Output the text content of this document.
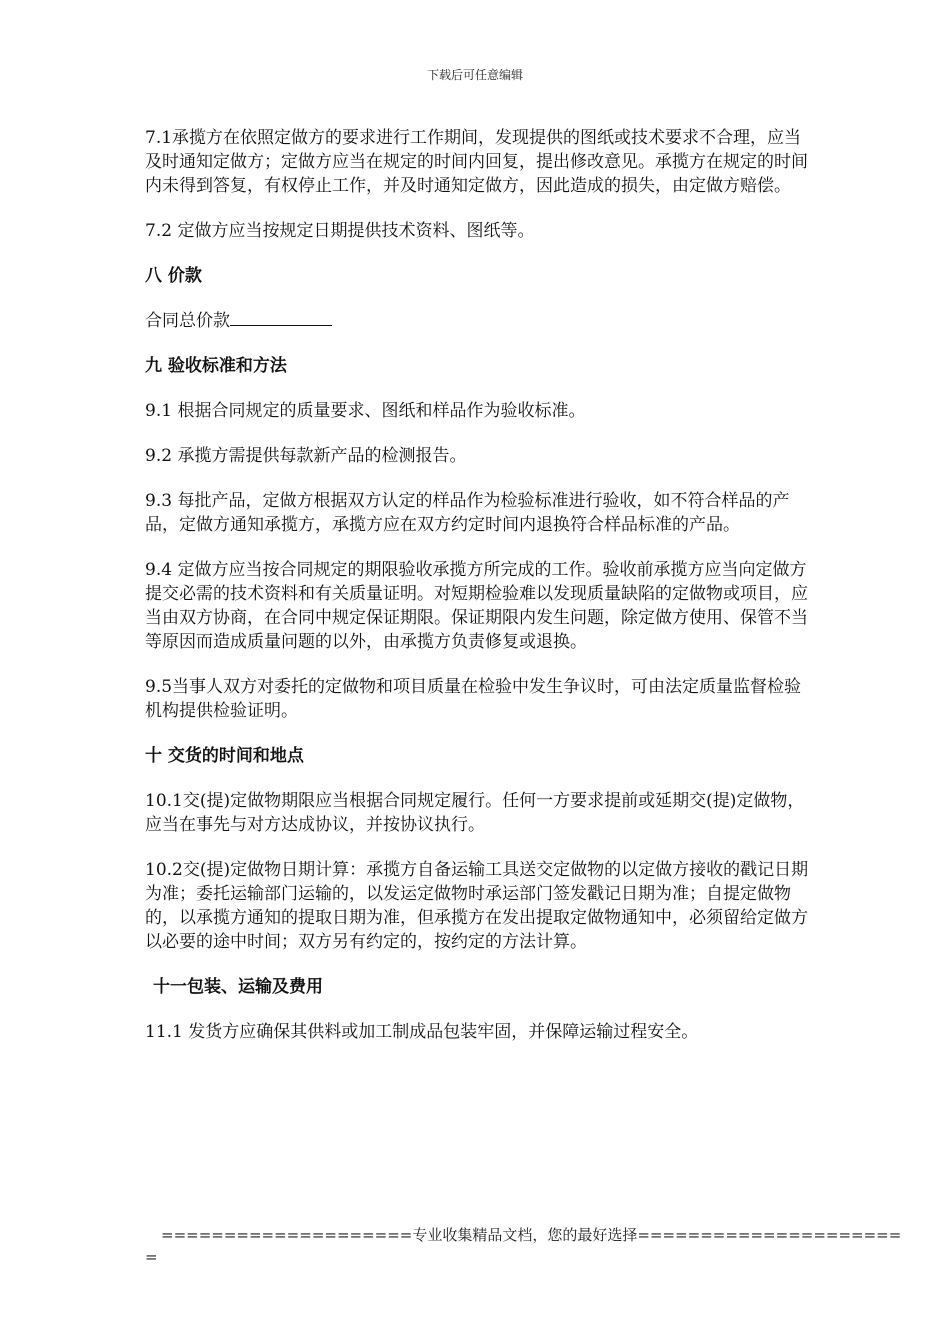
下载后可任意编辑

7.1承揽方在依照定做方的要求进行工作期间，发现提供的图纸或技术要求不合理，应当及时通知定做方；定做方应当在规定的时间内回复，提出修改意见。承揽方在规定的时间内未得到答复，有权停止工作，并及时通知定做方，因此造成的损失，由定做方赔偿。

7.2 定做方应当按规定日期提供技术资料、图纸等。

八 价款

合同总价款

九 验收标准和方法

9.1 根据合同规定的质量要求、图纸和样品作为验收标准。

9.2 承揽方需提供每款新产品的检测报告。

9.3 每批产品，定做方根据双方认定的样品作为检验标准进行验收，如不符合样品的产品，定做方通知承揽方，承揽方应在双方约定时间内退换符合样品标准的产品。

9.4 定做方应当按合同规定的期限验收承揽方所完成的工作。验收前承揽方应当向定做方提交必需的技术资料和有关质量证明。对短期检验难以发现质量缺陷的定做物或项目，应当由双方协商，在合同中规定保证期限。保证期限内发生问题，除定做方使用、保管不当等原因而造成质量问题的以外，由承揽方负责修复或退换。

9.5当事人双方对委托的定做物和项目质量在检验中发生争议时，可由法定质量监督检验机构提供检验证明。

十 交货的时间和地点

10.1交(提)定做物期限应当根据合同规定履行。任何一方要求提前或延期交(提)定做物，应当在事先与对方达成协议，并按协议执行。

10.2交(提)定做物日期计算：承揽方自备运输工具送交定做物的以定做方接收的戳记日期为准；委托运输部门运输的，以发运定做物时承运部门签发戳记日期为准；自提定做物的，以承揽方通知的提取日期为准，但承揽方在发出提取定做物通知中，必须留给定做方以必要的途中时间；双方另有约定的，按约定的方法计算。

十一包装、运输及费用

11.1 发货方应确保其供料或加工制成品包装牢固，并保障运输过程安全。

====================专业收集精品文档，您的最好选择=====================
=
